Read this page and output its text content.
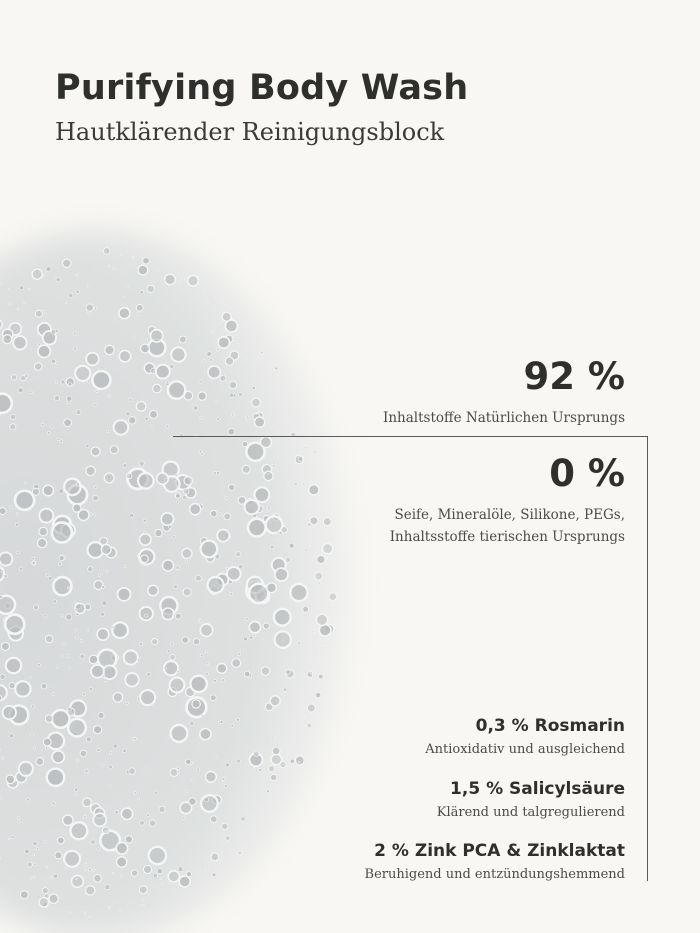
Purifying Body Wash
Hautklärender Reinigungsblock
92 %
Inhaltstoffe Natürlichen Ursprungs
0 %
Seife, Mineralöle, Silikone, PEGs,
Inhaltsstoffe tierischen Ursprungs
0,3 % Rosmarin
Antioxidativ und ausgleichend
1,5 % Salicylsäure
Klärend und talgregulierend
2 % Zink PCA & Zinklaktat
Beruhigend und entzündungshemmend
